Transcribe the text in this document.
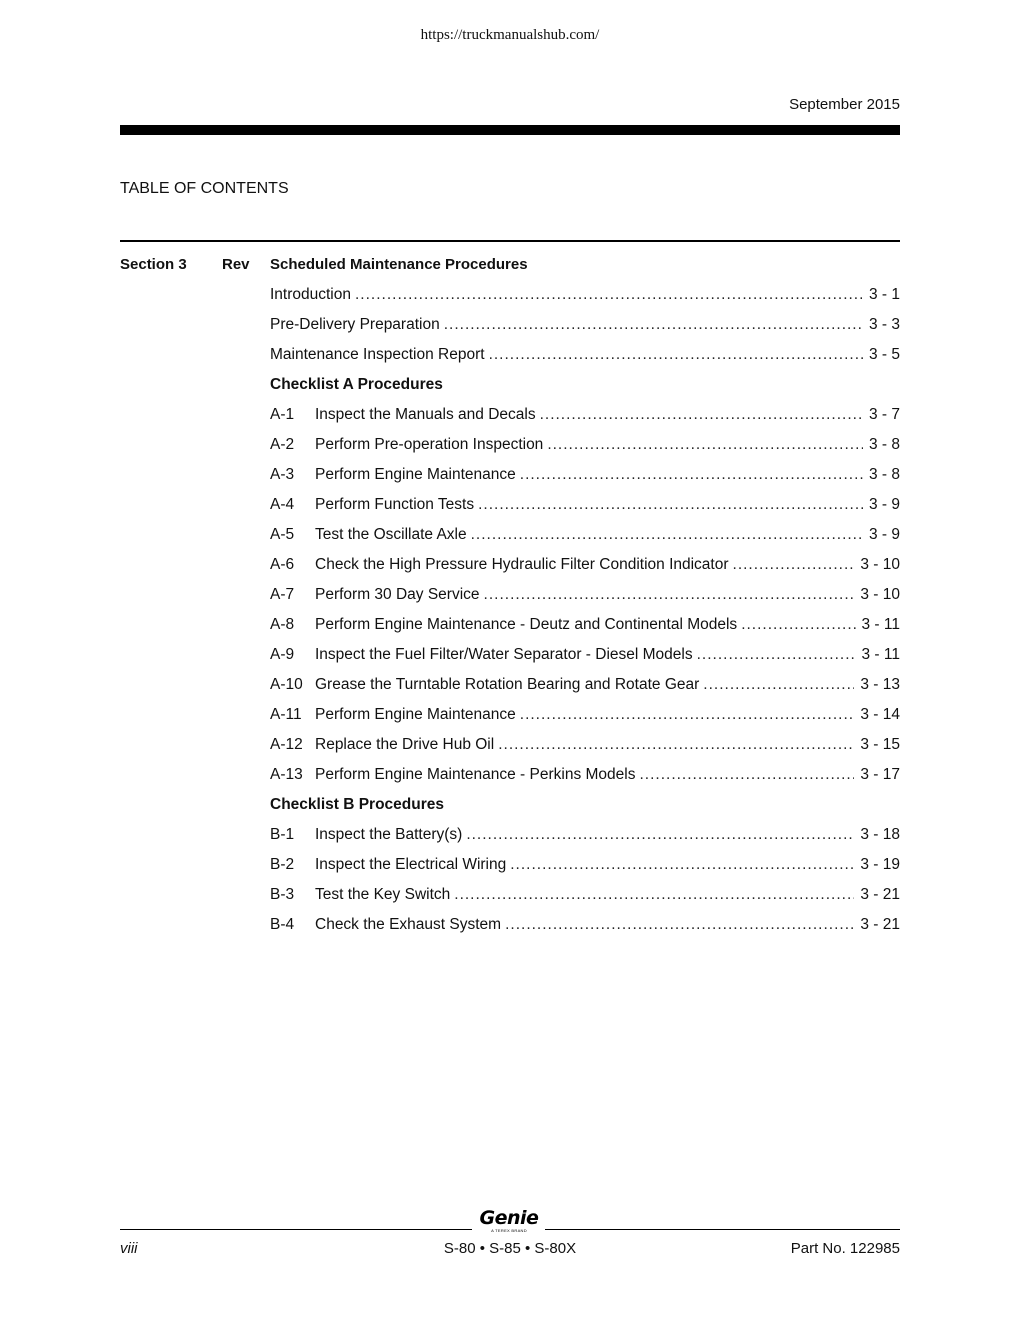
https://truckmanualshub.com/
September 2015
TABLE OF CONTENTS
Section 3 Rev Scheduled Maintenance Procedures
Introduction .....	3 - 1
Pre-Delivery Preparation .....	3 - 3
Maintenance Inspection Report .....	3 - 5
Checklist A Procedures
A-1	Inspect the Manuals and Decals .....	3 - 7
A-2	Perform Pre-operation Inspection .....	3 - 8
A-3	Perform Engine Maintenance .....	3 - 8
A-4	Perform Function Tests .....	3 - 9
A-5	Test the Oscillate Axle .....	3 - 9
A-6	Check the High Pressure Hydraulic Filter Condition Indicator .....	3 - 10
A-7	Perform 30 Day Service .....	3 - 10
A-8	Perform Engine Maintenance - Deutz and Continental Models .....	3 - 11
A-9	Inspect the Fuel Filter/Water Separator - Diesel Models .....	3 - 11
A-10 Grease the Turntable Rotation Bearing and Rotate Gear .....	3 - 13
A-11 Perform Engine Maintenance .....	3 - 14
A-12 Replace the Drive Hub Oil .....	3 - 15
A-13 Perform Engine Maintenance - Perkins Models .....	3 - 17
Checklist B Procedures
B-1	Inspect the Battery(s) .....	3 - 18
B-2	Inspect the Electrical Wiring .....	3 - 19
B-3	Test the Key Switch .....	3 - 21
B-4	Check the Exhaust System .....	3 - 21
Genie
A TEREX BRAND
viii	S-80 • S-85 • S-80X	Part No. 122985
